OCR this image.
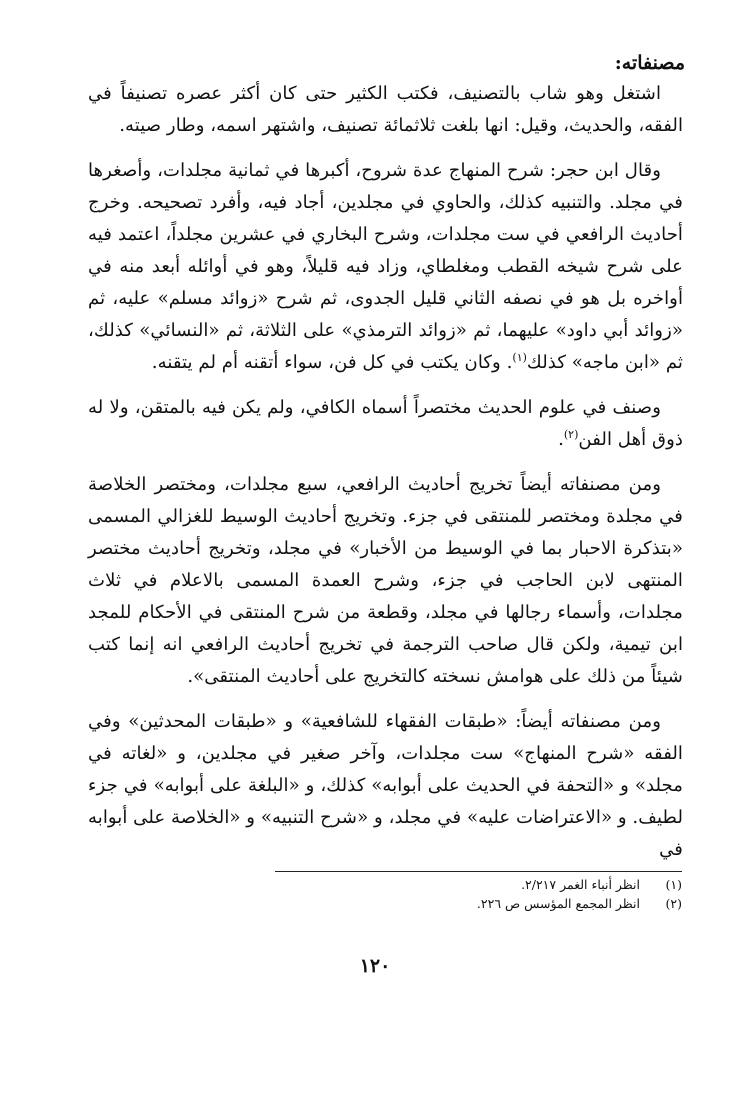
مصنفاته:

اشتغل وهو شاب بالتصنيف، فكتب الكثير حتى كان أكثر عصره تصنيفاً في الفقه، والحديث، وقيل: انها بلغت ثلاثمائة تصنيف، واشتهر اسمه، وطار صيته.

وقال ابن حجر: شرح المنهاج عدة شروح، أكبرها في ثمانية مجلدات، وأصغرها في مجلد. والتنبيه كذلك، والحاوي في مجلدين، أجاد فيه، وأفرد تصحيحه. وخرج أحاديث الرافعي في ست مجلدات، وشرح البخاري في عشرين مجلداً، اعتمد فيه على شرح شيخه القطب ومغلطاي، وزاد فيه قليلاً، وهو في أوائله أبعد منه في أواخره بل هو في نصفه الثاني قليل الجدوى، ثم شرح «زوائد مسلم» عليه، ثم «زوائد أبي داود» عليهما، ثم «زوائد الترمذي» على الثلاثة، ثم «النسائي» كذلك، ثم «ابن ماجه» كذلك$^{(١)}$. وكان يكتب في كل فن، سواء أتقنه أم لم يتقنه.

وصنف في علوم الحديث مختصراً أسماه الكافي، ولم يكن فيه بالمتقن، ولا له ذوق أهل الفن$^{(٢)}$.

ومن مصنفاته أيضاً تخريج أحاديث الرافعي، سبع مجلدات، ومختصر الخلاصة في مجلدة ومختصر للمنتقى في جزء. وتخريج أحاديث الوسيط للغزالي المسمى «بتذكرة الاحبار بما في الوسيط من الأخبار» في مجلد، وتخريج أحاديث مختصر المنتهى لابن الحاجب في جزء، وشرح العمدة المسمى بالاعلام في ثلاث مجلدات، وأسماء رجالها في مجلد، وقطعة من شرح المنتقى في الأحكام للمجد ابن تيمية، ولكن قال صاحب الترجمة في تخريج أحاديث الرافعي انه إنما كتب شيئاً من ذلك على هوامش نسخته كالتخريج على أحاديث المنتقى».

ومن مصنفاته أيضاً: «طبقات الفقهاء للشافعية» و «طبقات المحدثين» وفي الفقه «شرح المنهاج» ست مجلدات، وآخر صغير في مجلدين، و «لغاته في مجلد» و «التحفة في الحديث على أبوابه» كذلك، و «البلغة على أبوابه» في جزء لطيف. و «الاعتراضات عليه» في مجلد، و «شرح التنبيه» و «الخلاصة على أبوابه في

(١)انظر أنباء الغمر ٢/٢١٧.
(٢)انظر المجمع المؤسس ص ٢٢٦.
١٢٠
